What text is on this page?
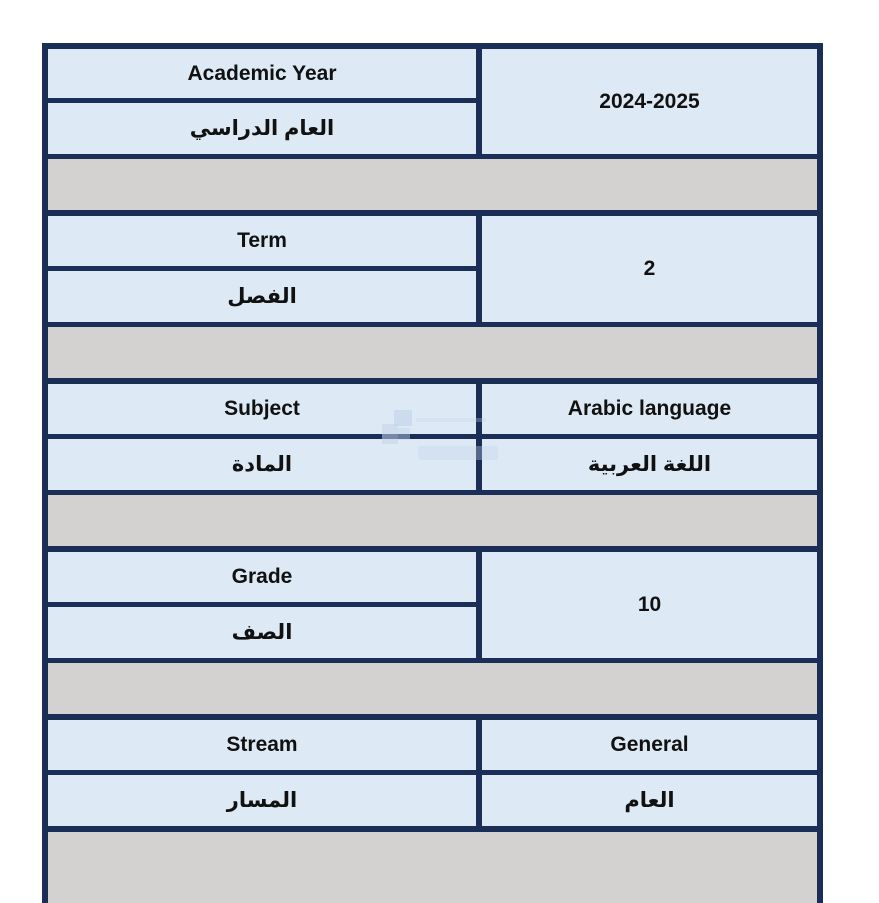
Academic Year
العام الدراسي
2024-2025
Term
الفصل
2
Subject
المادة
Arabic language
اللغة العربية
Grade
الصف
10
Stream
المسار
General
العام
